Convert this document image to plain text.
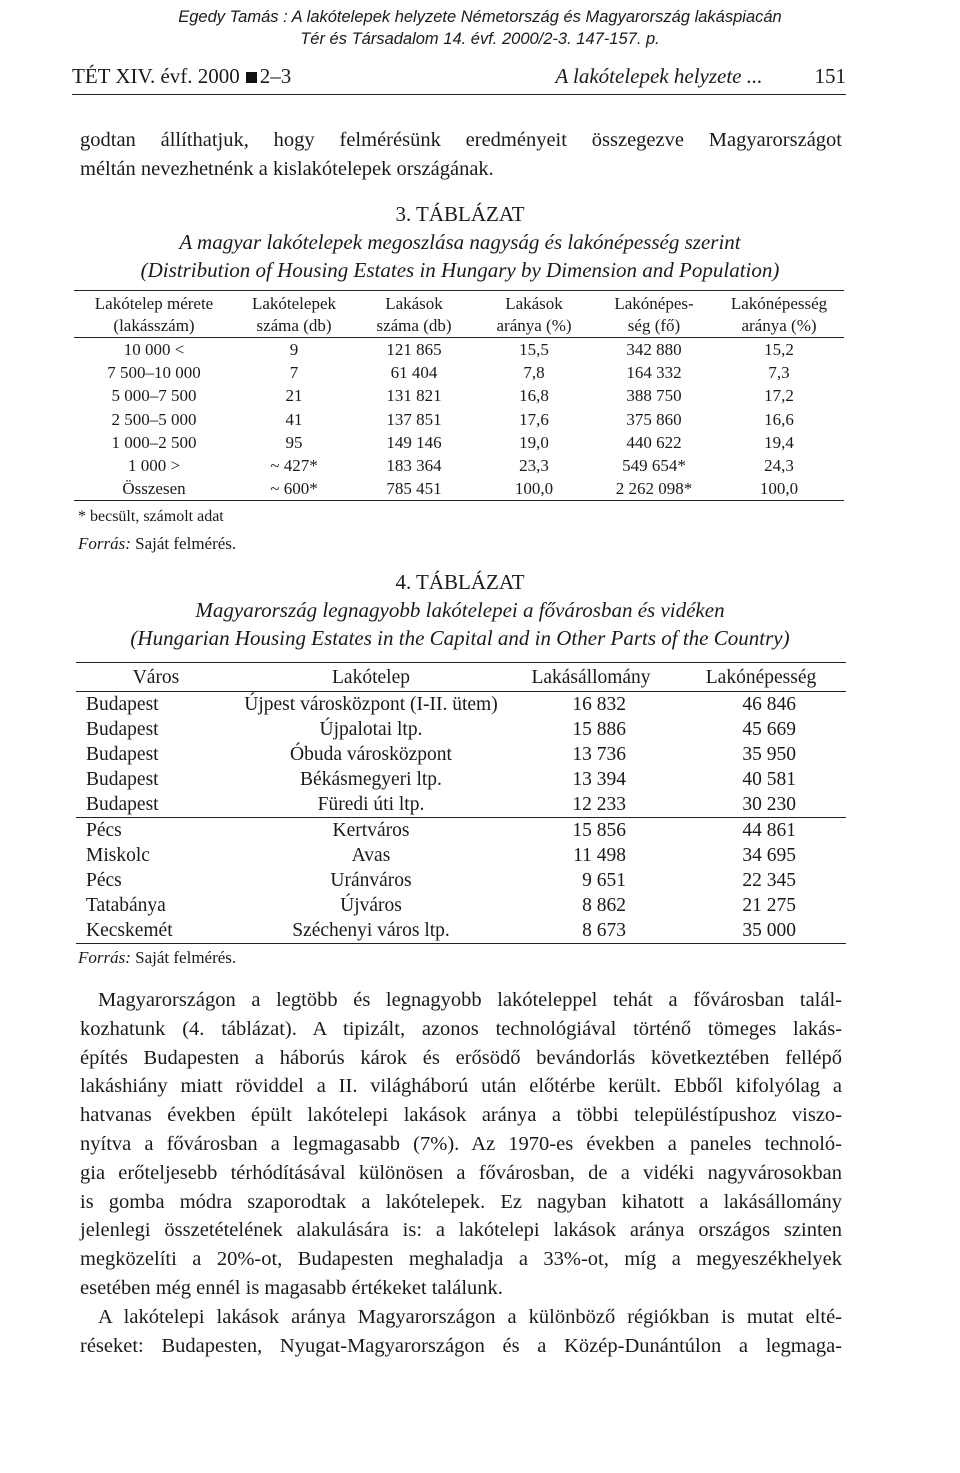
Egedy Tamás : A lakótelepek helyzete Németország és Magyarország lakáspiacán
Tér és Társadalom 14. évf. 2000/2-3. 147-157. p.
TÉT XIV. évf. 2000 2–3	A lakótelepek helyzete ... 151
godtan állíthatjuk, hogy felmérésünk eredményeit összegezve Magyarországot
méltán nevezhetnénk a kislakótelepek országának.
3. TÁBLÁZAT
A magyar lakótelepek megoszlása nagyság és lakónépesség szerint
(Distribution of Housing Estates in Hungary by Dimension and Population)
Lakótelep mérete	Lakótelepek	Lakások	Lakások	Lakónépes-	Lakónépesség
(lakásszám)	száma (db)	száma (db)	aránya (%)	ség (fő)	aránya (%)
10 000 <	9	121 865	15,5	342 880	15,2
7 500–10 000	7	61 404	7,8	164 332	7,3
5 000–7 500	21	131 821	16,8	388 750	17,2
2 500–5 000	41	137 851	17,6	375 860	16,6
1 000–2 500	95	149 146	19,0	440 622	19,4
1 000 >	~ 427*	183 364	23,3	549 654*	24,3
Összesen	~ 600*	785 451	100,0	2 262 098*	100,0
* becsült, számolt adat
Forrás: Saját felmérés.
4. TÁBLÁZAT
Magyarország legnagyobb lakótelepei a fővárosban és vidéken
(Hungarian Housing Estates in the Capital and in Other Parts of the Country)
Város	Lakótelep	Lakásállomány	Lakónépesség
Budapest	Újpest városközpont (I-II. ütem)	16 832	46 846
Budapest	Újpalotai ltp.	15 886	45 669
Budapest	Óbuda városközpont	13 736	35 950
Budapest	Békásmegyeri ltp.	13 394	40 581
Budapest	Füredi úti ltp.	12 233	30 230
Pécs	Kertváros	15 856	44 861
Miskolc	Avas	11 498	34 695
Pécs	Uránváros	9 651	22 345
Tatabánya	Újváros	8 862	21 275
Kecskemét	Széchenyi város ltp.	8 673	35 000
Forrás: Saját felmérés.
Magyarországon a legtöbb és legnagyobb lakóteleppel tehát a fővárosban talál-
kozhatunk (4. táblázat). A tipizált, azonos technológiával történő tömeges lakás-
építés Budapesten a háborús károk és erősödő bevándorlás következtében fellépő
lakáshiány miatt röviddel a II. világháború után előtérbe került. Ebből kifolyólag a
hatvanas években épült lakótelepi lakások aránya a többi településtípushoz viszo-
nyítva a fővárosban a legmagasabb (7%). Az 1970-es években a paneles technoló-
gia erőteljesebb térhódításával különösen a fővárosban, de a vidéki nagyvárosokban
is gomba módra szaporodtak a lakótelepek. Ez nagyban kihatott a lakásállomány
jelenlegi összetételének alakulására is: a lakótelepi lakások aránya országos szinten
megközelíti a 20%-ot, Budapesten meghaladja a 33%-ot, míg a megyeszékhelyek
esetében még ennél is magasabb értékeket találunk.
A lakótelepi lakások aránya Magyarországon a különböző régiókban is mutat elté-
réseket: Budapesten, Nyugat-Magyarországon és a Közép-Dunántúlon a legmaga-
